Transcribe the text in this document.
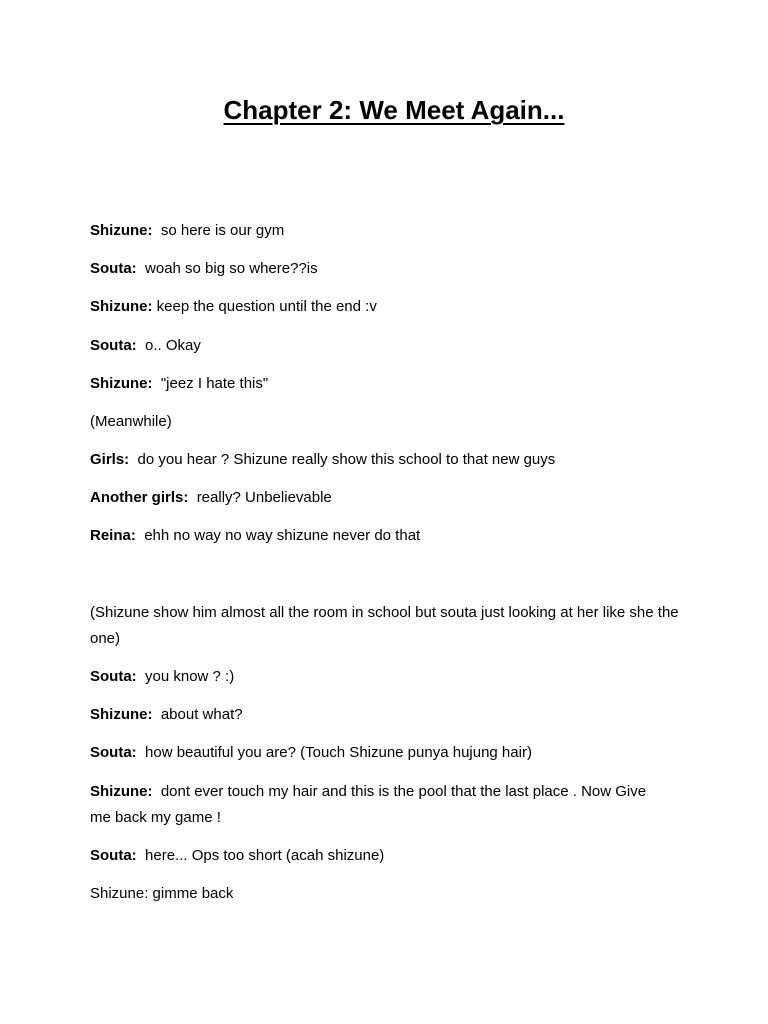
Chapter 2: We Meet Again...

Shizune: so here is our gym

Souta: woah so big so where??is

Shizune: keep the question until the end :v

Souta: o.. Okay

Shizune: "jeez I hate this"

(Meanwhile)

Girls: do you hear ? Shizune really show this school to that new guys

Another girls: really? Unbelievable

Reina: ehh no way no way shizune never do that

(Shizune show him almost all the room in school but souta just looking at her like she the one)

Souta: you know ? :)

Shizune: about what?

Souta: how beautiful you are? (Touch Shizune punya hujung hair)

Shizune: dont ever touch my hair and this is the pool that the last place . Now Give me back my game !

Souta: here... Ops too short (acah shizune)

Shizune: gimme back
